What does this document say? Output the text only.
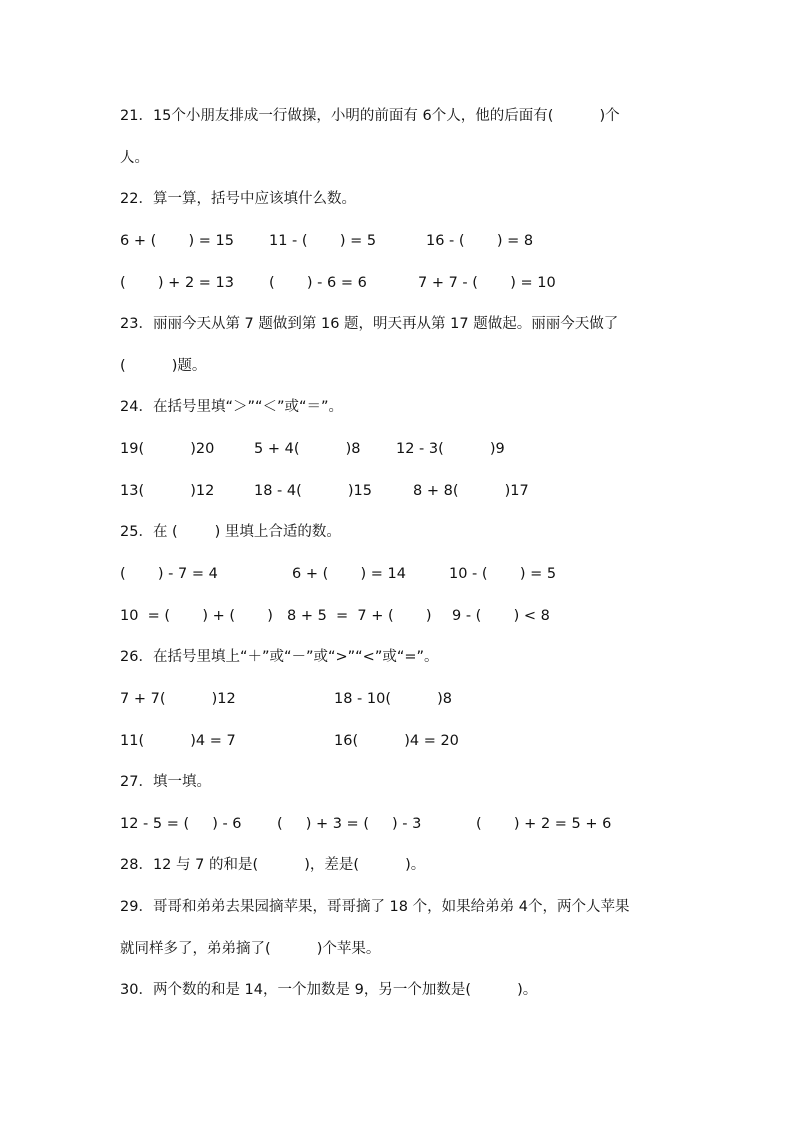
21．15个小朋友排成一行做操，小明的前面有 6个人，他的后面有(          )个
人。
22．算一算，括号中应该填什么数。
6 + (       ) = 15 11 - (       ) = 5	16 - (       ) = 8
(       ) + 2 = 13 (       ) - 6 = 6	7 + 7 - (       ) = 10
23．丽丽今天从第 7 题做到第 16 题，明天再从第 17 题做起。丽丽今天做了
(          )题。
24．在括号里填“＞”“＜”或“＝”。
19(          )20	5 + 4(          )8 12 - 3(          )9
13(          )12	18 - 4(          )15	8 + 8(          )17
25．在 (        ) 里填上合适的数。
(       ) - 7 = 4	6 + (       ) = 14	10 - (       ) = 5
10  = (       ) + (       ) 8 + 5  =  7 + (       ) 9 - (       ) < 8
26．在括号里填上“＋”或“－”或“>”“<”或“=”。
7 + 7(          )12	18 - 10(          )8
11(          )4 = 7	16(          )4 = 20
27．填一填。
12 - 5 = (     ) - 6 (     ) + 3 = (     ) - 3	(       ) + 2 = 5 + 6
28．12 与 7 的和是(          )，差是(          )。
29．哥哥和弟弟去果园摘苹果，哥哥摘了 18 个，如果给弟弟 4个，两个人苹果
就同样多了，弟弟摘了(          )个苹果。
30．两个数的和是 14，一个加数是 9，另一个加数是(          )。
